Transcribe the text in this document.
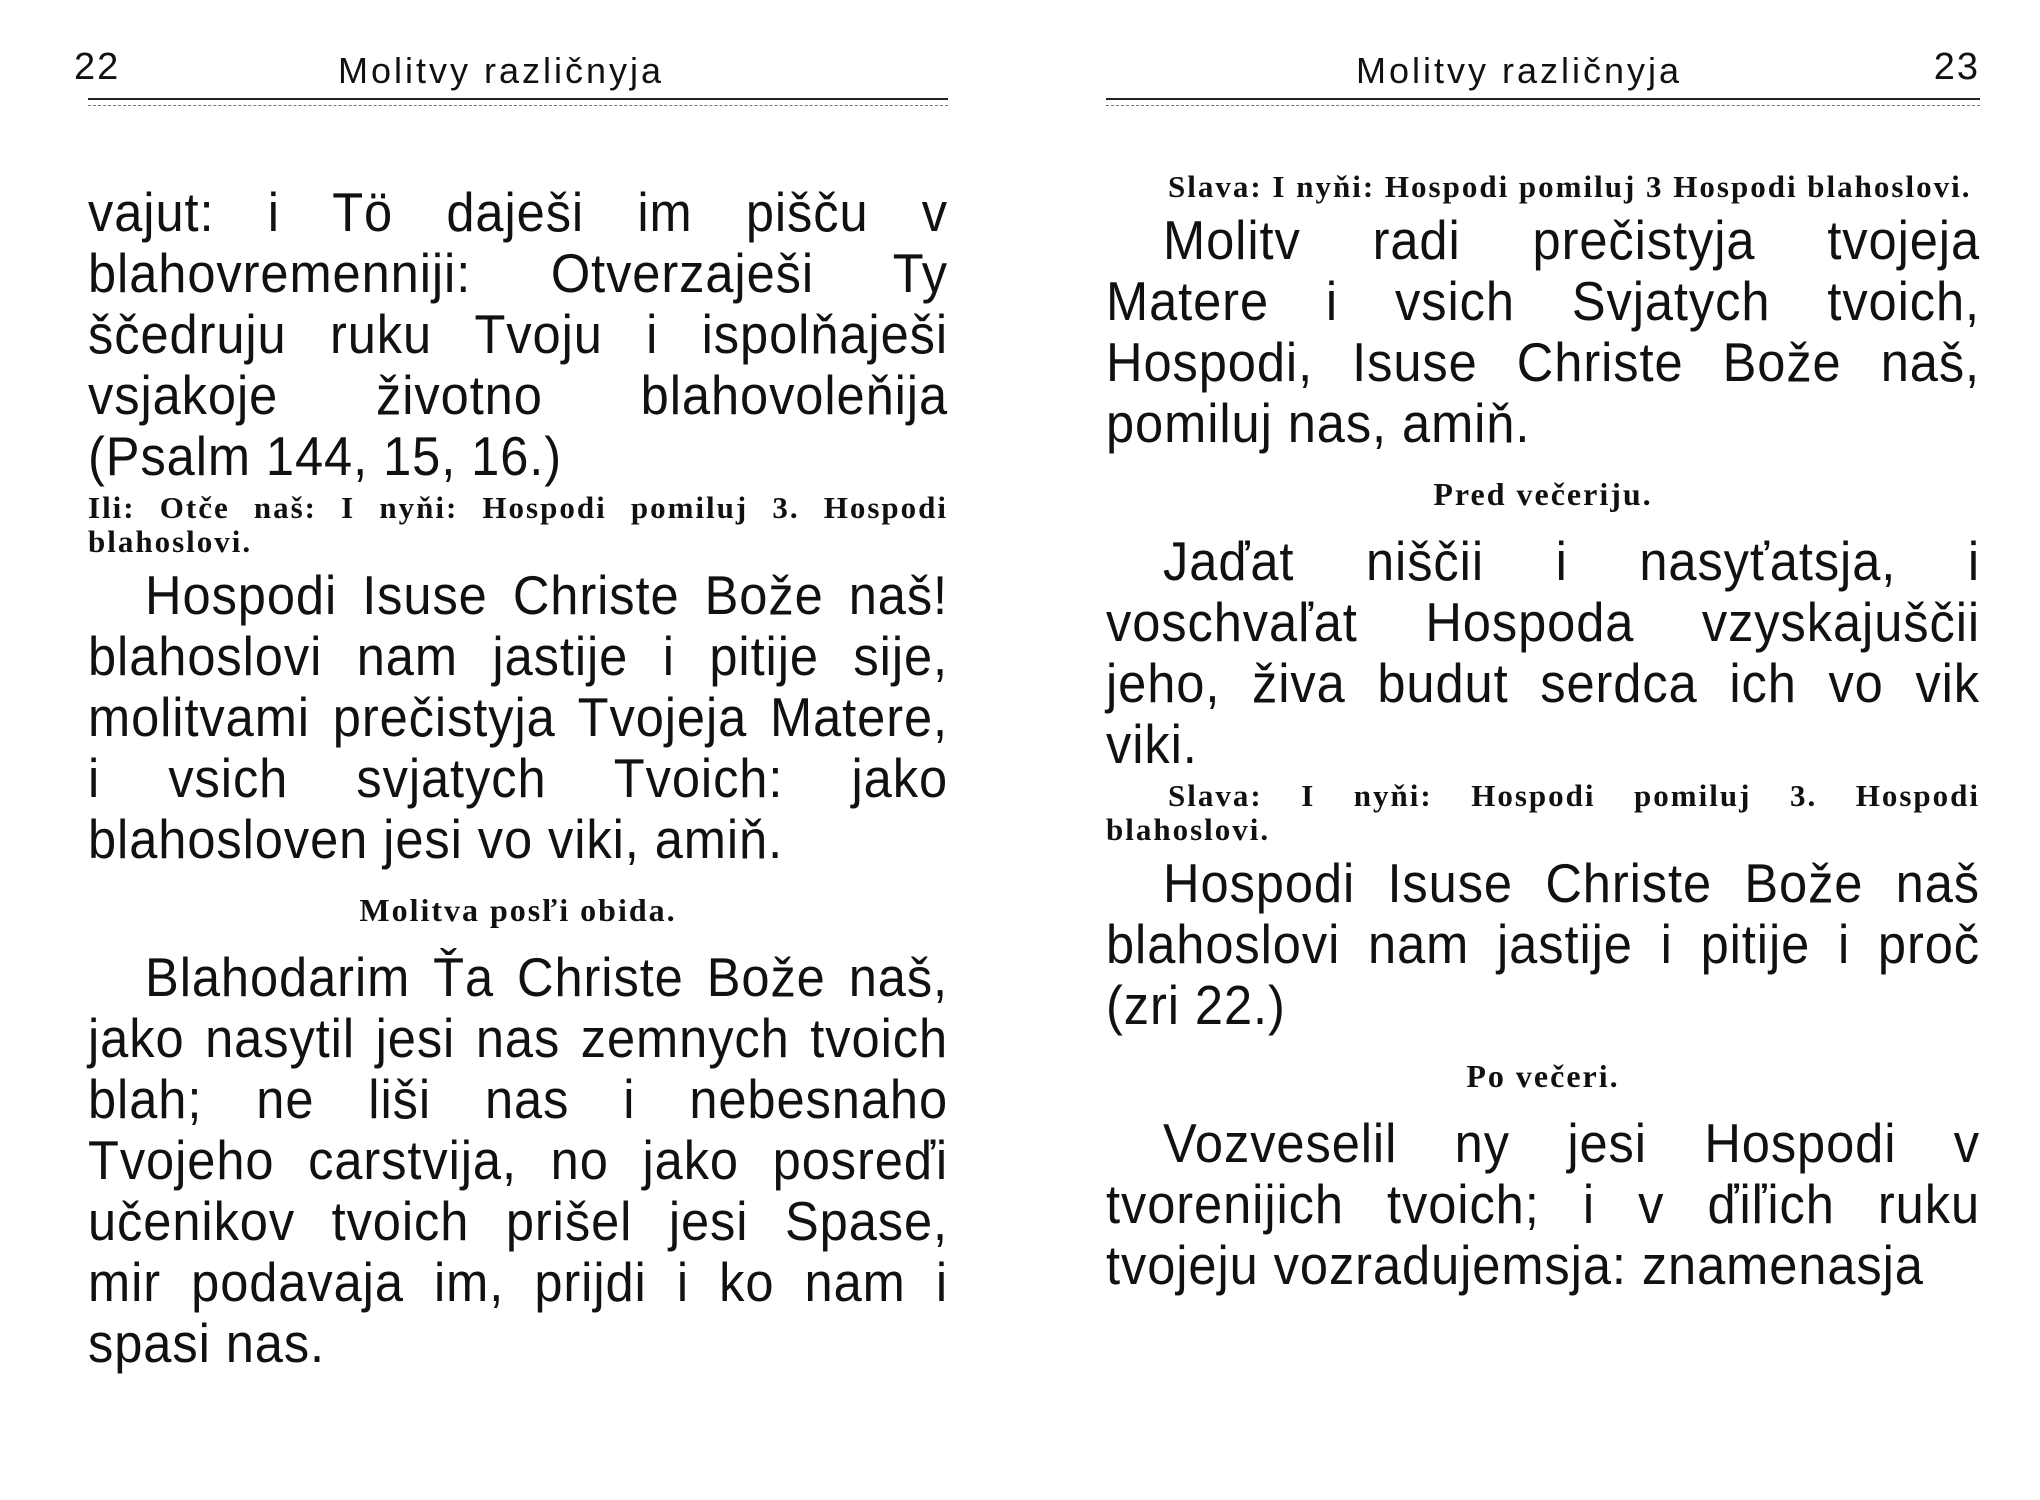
22	Molitvy različnyja

vajut: i Tö daješi im pišču v blahovremenniji: Otverzaješi Ty ščedruju ruku Tvoju i ispolňaješi vsjakoje životno blahovoleňija (Psalm 144, 15, 16.)

Ili: Otče naš: I nyňi: Hospodi pomiluj 3. Hospodi blahoslovi.

Hospodi Isuse Christe Bože naš! blahoslovi nam jastije i pitije sije, molitvami prečistyja Tvojeja Matere, i vsich svjatych Tvoich: jako blahosloven jesi vo viki, amiň.

Molitva posľi obida.

Blahodarim Ťa Christe Bože naš, jako nasytil jesi nas zemnych tvoich blah; ne liši nas i nebesnaho Tvojeho carstvija, no jako posreďi učenikov tvoich prišel jesi Spase, mir podavaja im, prijdi i ko nam i spasi nas.

Molitvy različnyja	23

Slava: I nyňi: Hospodi pomiluj 3 Hospodi blahoslovi.

Molitv radi prečistyja tvojeja Matere i vsich Svjatych tvoich, Hospodi, Isuse Christe Bože naš, pomiluj nas, amiň.

Pred večeriju.

Jaďat niščii i nasyťatsja, i voschvaľat Hospoda vzyskajuščii jeho, živa budut serdca ich vo vik viki.

Slava: I nyňi: Hospodi pomiluj 3. Hospodi blahoslovi.

Hospodi Isuse Christe Bože naš blahoslovi nam jastije i pitije i proč (zri 22.)

Po večeri.

Vozveselil ny jesi Hospodi v tvorenijich tvoich; i v ďiľich ruku tvojeju vozradujemsja: znamenasja
